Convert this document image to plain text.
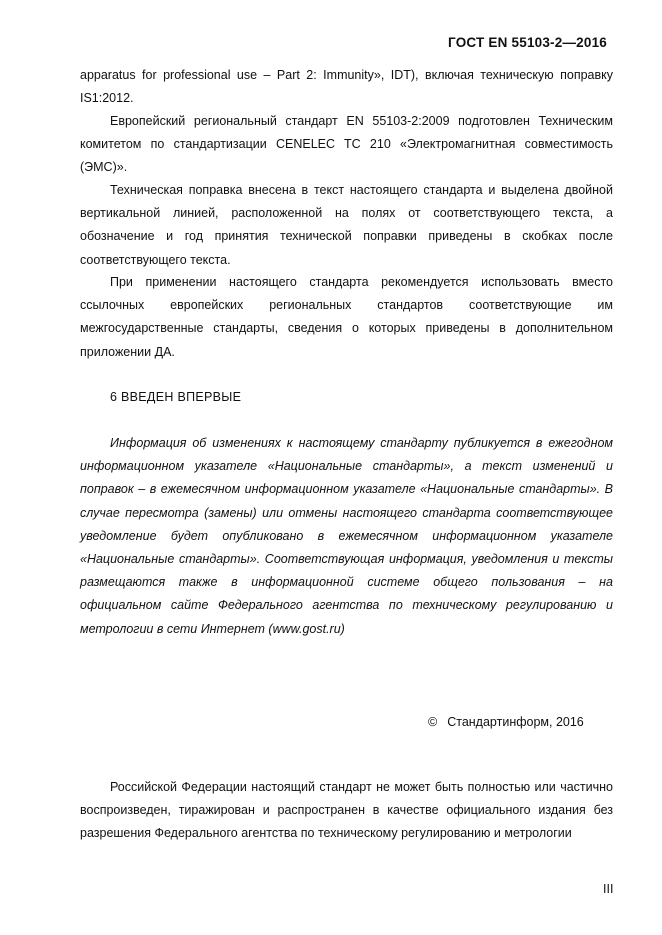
ГОСТ EN 55103-2—2016
apparatus for professional use – Part 2: Immunity», IDT), включая техническую поправку IS1:2012.
Европейский региональный стандарт EN 55103-2:2009 подготовлен Техническим комитетом по стандартизации CENELEC TC 210 «Электромагнитная совместимость (ЭМС)».
Техническая поправка внесена в текст настоящего стандарта и выделена двойной вертикальной линией, расположенной на полях от соответствующего текста, а обозначение и год принятия технической поправки приведены в скобках после соответствующего текста.
При применении настоящего стандарта рекомендуется использовать вместо ссылочных европейских региональных стандартов соответствующие им межгосударственные стандарты, сведения о которых приведены в дополнительном приложении ДА.
6 ВВЕДЕН ВПЕРВЫЕ
Информация об изменениях к настоящему стандарту публикуется в ежегодном информационном указателе «Национальные стандарты», а текст изменений и поправок – в ежемесячном информационном указателе «Национальные стандарты». В случае пересмотра (замены) или отмены настоящего стандарта соответствующее уведомление будет опубликовано в ежемесячном информационном указателе «Национальные стандарты». Соответствующая информация, уведомления и тексты размещаются также в информационной системе общего пользования – на официальном сайте Федерального агентства по техническому регулированию и метрологии в сети Интернет (www.gost.ru)
© Стандартинформ, 2016
Российской Федерации настоящий стандарт не может быть полностью или частично воспроизведен, тиражирован и распространен в качестве официального издания без разрешения Федерального агентства по техническому регулированию и метрологии
III
